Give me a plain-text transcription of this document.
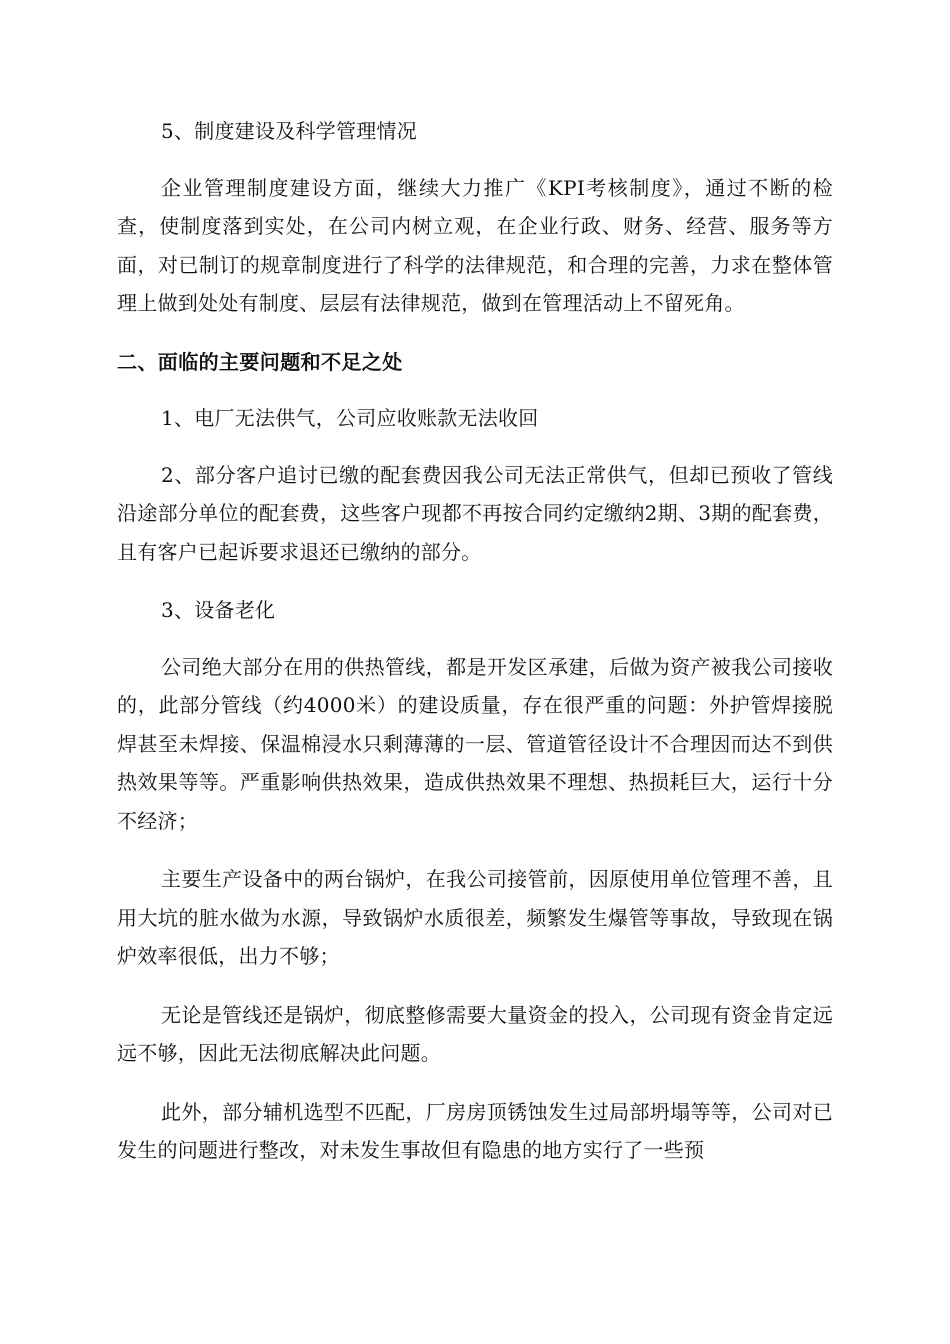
5、制度建设及科学管理情况

企业管理制度建设方面，继续大力推广《KPI考核制度》，通过不断的检查，使制度落到实处，在公司内树立观，在企业行政、财务、经营、服务等方面，对已制订的规章制度进行了科学的法律规范，和合理的完善，力求在整体管理上做到处处有制度、层层有法律规范，做到在管理活动上不留死角。

二、面临的主要问题和不足之处

1、电厂无法供气，公司应收账款无法收回

2、部分客户追讨已缴的配套费因我公司无法正常供气，但却已预收了管线沿途部分单位的配套费，这些客户现都不再按合同约定缴纳2期、3期的配套费，且有客户已起诉要求退还已缴纳的部分。

3、设备老化

公司绝大部分在用的供热管线，都是开发区承建，后做为资产被我公司接收的，此部分管线（约4000米）的建设质量，存在很严重的问题：外护管焊接脱焊甚至未焊接、保温棉浸水只剩薄薄的一层、管道管径设计不合理因而达不到供热效果等等。严重影响供热效果，造成供热效果不理想、热损耗巨大，运行十分不经济；

主要生产设备中的两台锅炉，在我公司接管前，因原使用单位管理不善，且用大坑的脏水做为水源，导致锅炉水质很差，频繁发生爆管等事故，导致现在锅炉效率很低，出力不够；

无论是管线还是锅炉，彻底整修需要大量资金的投入，公司现有资金肯定远远不够，因此无法彻底解决此问题。

此外，部分辅机选型不匹配，厂房房顶锈蚀发生过局部坍塌等等，公司对已发生的问题进行整改，对未发生事故但有隐患的地方实行了一些预
